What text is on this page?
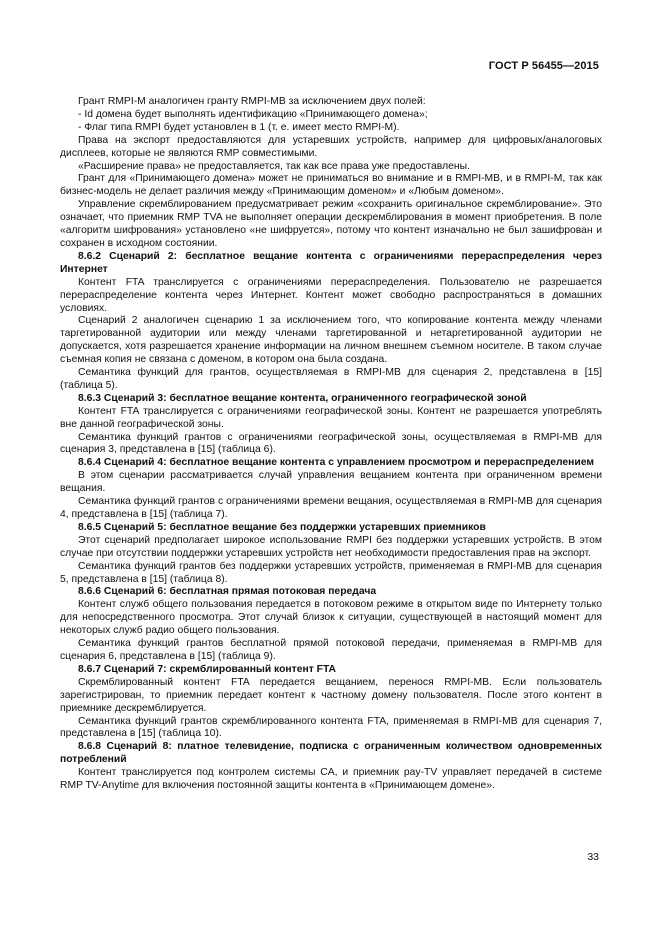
ГОСТ Р 56455—2015

Грант RMPI-M аналогичен гранту RMPI-MB за исключением двух полей:

- Id домена будет выполнять идентификацию «Принимающего домена»;

- Флаг типа RMPI будет установлен в 1 (т. е. имеет место RMPI-M).

Права на экспорт предоставляются для устаревших устройств, например для цифровых/аналоговых дисплеев, которые не являются RMP совместимыми.

«Расширение права» не предоставляется, так как все права уже предоставлены.

Грант для «Принимающего домена» может не приниматься во внимание и в RMPI-MB, и в RMPI-M, так как бизнес-модель не делает различия между «Принимающим доменом» и «Любым доменом».

Управление скремблированием предусматривает режим «сохранить оригинальное скремблирование». Это означает, что приемник RMP TVA не выполняет операции дескремблирования в момент приобретения. В поле «алгоритм шифрования» установлено «не шифруется», потому что контент изначально не был зашифрован и сохранен в исходном состоянии.

8.6.2 Сценарий 2: бесплатное вещание контента с ограничениями перераспределения через Интернет

Контент FTA транслируется с ограничениями перераспределения. Пользователю не разрешается перераспределение контента через Интернет. Контент может свободно распространяться в домашних условиях.

Сценарий 2 аналогичен сценарию 1 за исключением того, что копирование контента между членами таргетированной аудитории или между членами таргетированной и нетаргетированной аудитории не допускается, хотя разрешается хранение информации на личном внешнем съемном носителе. В таком случае съемная копия не связана с доменом, в котором она была создана.

Семантика функций для грантов, осуществляемая в RMPI-MB для сценария 2, представлена в [15] (таблица 5).

8.6.3 Сценарий 3: бесплатное вещание контента, ограниченного географической зоной

Контент FTA транслируется с ограничениями географической зоны. Контент не разрешается употреблять вне данной географической зоны.

Семантика функций грантов с ограничениями географической зоны, осуществляемая в RMPI-MB для сценария 3, представлена в [15] (таблица 6).

8.6.4 Сценарий 4: бесплатное вещание контента с управлением просмотром и перераспределением

В этом сценарии рассматривается случай управления вещанием контента при ограниченном времени вещания.

Семантика функций грантов с ограничениями времени вещания, осуществляемая в RMPI-MB для сценария 4, представлена в [15] (таблица 7).

8.6.5 Сценарий 5: бесплатное вещание без поддержки устаревших приемников

Этот сценарий предполагает широкое использование RMPI без поддержки устаревших устройств. В этом случае при отсутствии поддержки устаревших устройств нет необходимости предоставления прав на экспорт.

Семантика функций грантов без поддержки устаревших устройств, применяемая в RMPI-MB для сценария 5, представлена в [15] (таблица 8).

8.6.6 Сценарий 6: бесплатная прямая потоковая передача

Контент служб общего пользования передается в потоковом режиме в открытом виде по Интернету только для непосредственного просмотра. Этот случай близок к ситуации, существующей в настоящий момент для некоторых служб радио общего пользования.

Семантика функций грантов бесплатной прямой потоковой передачи, применяемая в RMPI-MB для сценария 6, представлена в [15] (таблица 9).

8.6.7 Сценарий 7: скремблированный контент FTA

Скремблированный контент FTA передается вещанием, перенося RMPI-MB. Если пользователь зарегистрирован, то приемник передает контент к частному домену пользователя. После этого контент в приемнике дескремблируется.

Семантика функций грантов скремблированного контента FTA, применяемая в RMPI-MB для сценария 7, представлена в [15] (таблица 10).

8.6.8 Сценарий 8: платное телевидение, подписка с ограниченным количеством одновременных потреблений

Контент транслируется под контролем системы CA, и приемник pay-TV управляет передачей в системе RMP TV-Anytime для включения постоянной защиты контента в «Принимающем домене».

33
